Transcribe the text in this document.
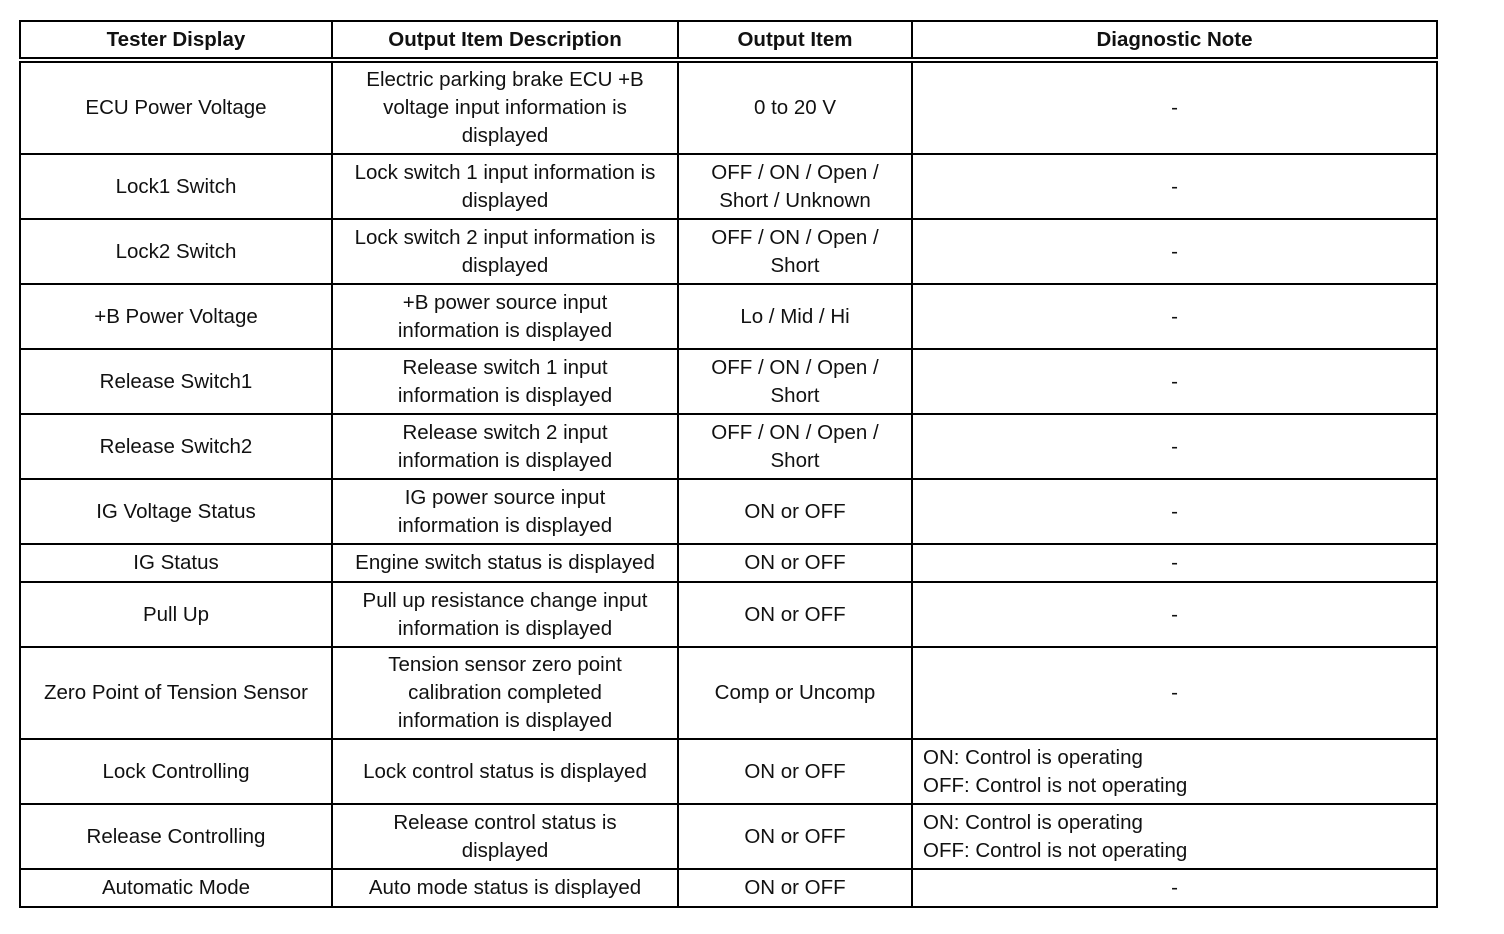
Tester Display	Output Item Description	Output Item	Diagnostic Note
ECU Power Voltage	Electric parking brake ECU +B
voltage input information is
displayed	0 to 20 V	-

Lock1 Switch	Lock switch 1 input information is
displayed	OFF / ON / Open /
Short / Unknown	-

Lock2 Switch	Lock switch 2 input information is
displayed	OFF / ON / Open /
Short	-

+B Power Voltage	+B power source input
information is displayed	Lo / Mid / Hi	-

Release Switch1	Release switch 1 input
information is displayed	OFF / ON / Open /
Short	-

Release Switch2	Release switch 2 input
information is displayed	OFF / ON / Open /
Short	-

IG Voltage Status	IG power source input
information is displayed	ON or OFF	-

IG Status	Engine switch status is displayed	ON or OFF	-

Pull Up	Pull up resistance change input
information is displayed	ON or OFF	-

Zero Point of Tension Sensor	Tension sensor zero point
calibration completed
information is displayed	Comp or Uncomp	-

Lock Controlling	Lock control status is displayed	ON or OFF	ON: Control is operating
OFF: Control is not operating

Release Controlling	Release control status is
displayed	ON or OFF	ON: Control is operating
OFF: Control is not operating

Automatic Mode	Auto mode status is displayed	ON or OFF	-
